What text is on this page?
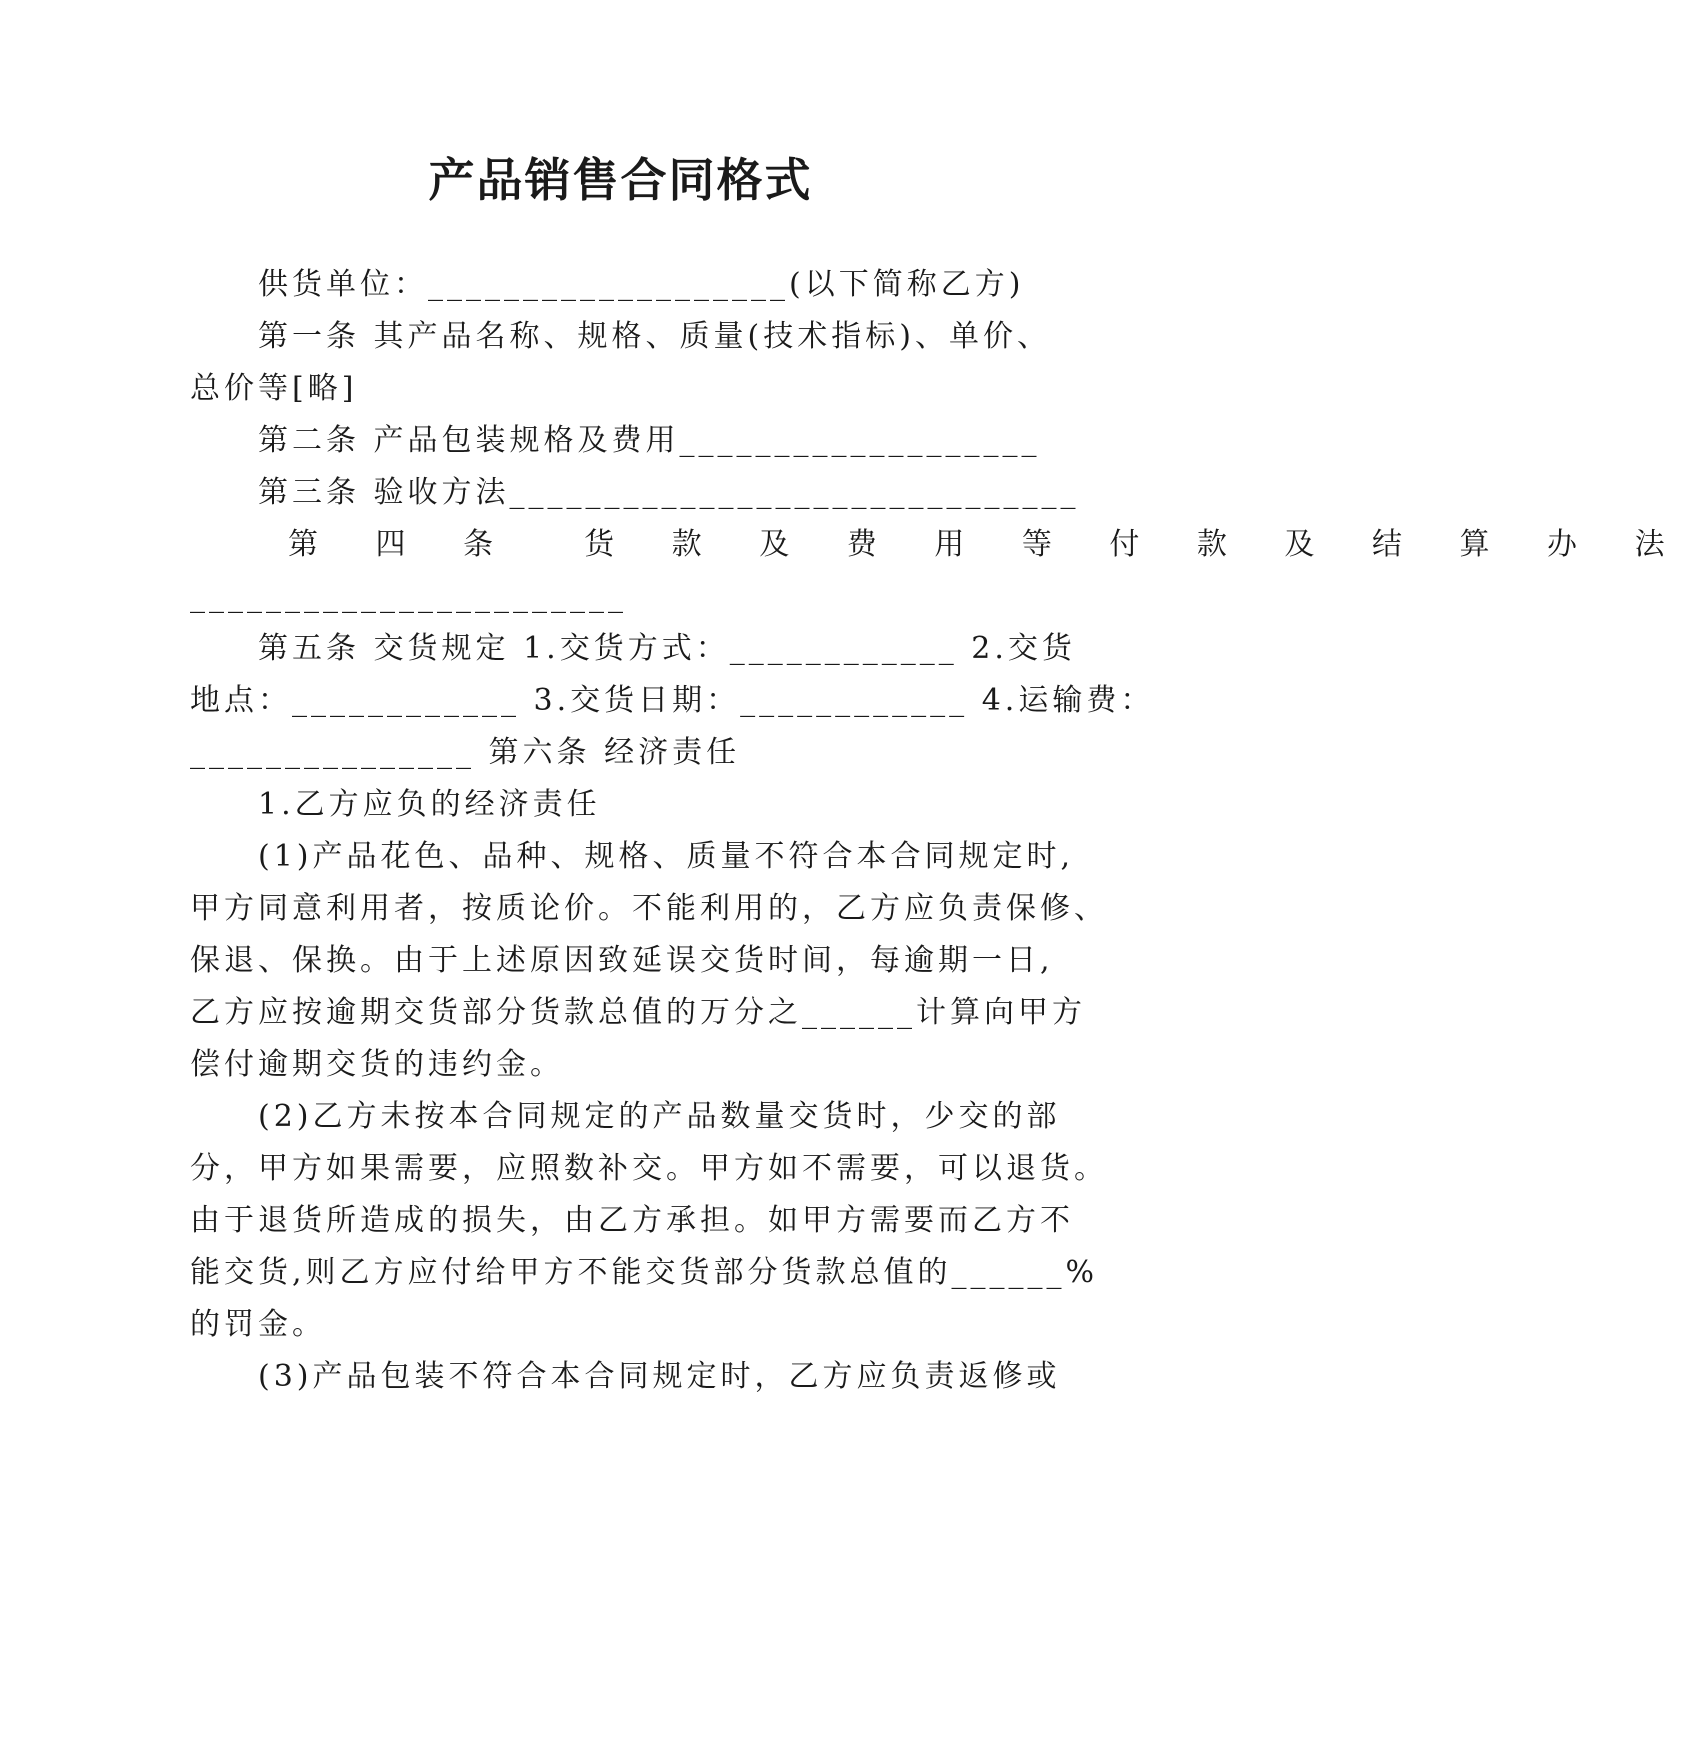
产品销售合同格式
供货单位：___________________(以下简称乙方)
第一条 其产品名称、规格、质量(技术指标)、单价、
总价等[略]
第二条 产品包装规格及费用___________________
第三条 验收方法______________________________
第 四 条  货 款 及 费 用 等 付 款 及 结 算 办 法
_______________________
第五条 交货规定 1.交货方式：____________ 2.交货
地点：____________ 3.交货日期：____________ 4.运输费：
_______________ 第六条 经济责任
1.乙方应负的经济责任
(1)产品花色、品种、规格、质量不符合本合同规定时,
甲方同意利用者，按质论价。不能利用的，乙方应负责保修、
保退、保换。由于上述原因致延误交货时间，每逾期一日,
乙方应按逾期交货部分货款总值的万分之______计算向甲方
偿付逾期交货的违约金。
(2)乙方未按本合同规定的产品数量交货时，少交的部
分，甲方如果需要，应照数补交。甲方如不需要，可以退货。
由于退货所造成的损失，由乙方承担。如甲方需要而乙方不
能交货,则乙方应付给甲方不能交货部分货款总值的______%
的罚金。
(3)产品包装不符合本合同规定时，乙方应负责返修或
